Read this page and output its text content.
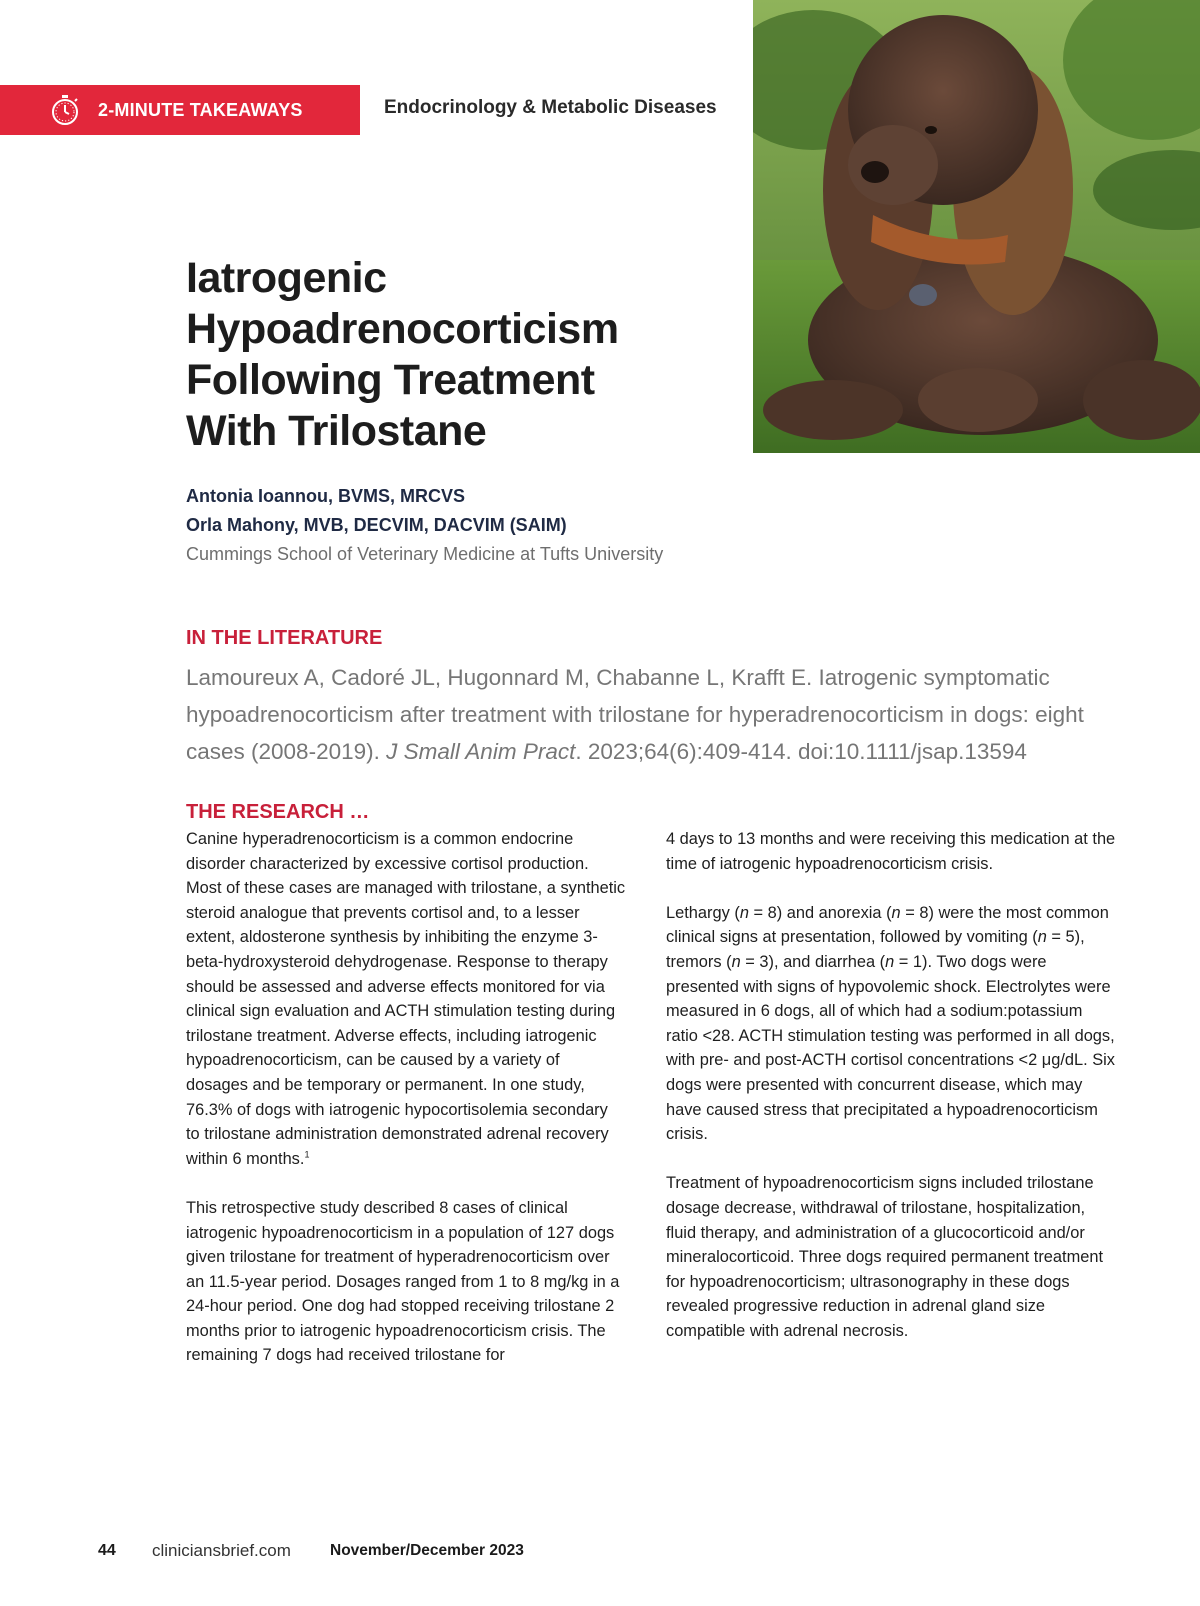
2-MINUTE TAKEAWAYS	Endocrinology & Metabolic Diseases
Iatrogenic
Hypoadrenocorticism
Following Treatment
With Trilostane
Antonia Ioannou, BVMS, MRCVS
Orla Mahony, MVB, DECVIM, DACVIM (SAIM)
Cummings School of Veterinary Medicine at Tufts University
IN THE LITERATURE
Lamoureux A, Cadoré JL, Hugonnard M, Chabanne L, Krafft E. Iatrogenic symptomatic hypoadrenocorticism after treatment with trilostane for hyperadrenocorticism in dogs: eight cases (2008-2019). J Small Anim Pract. 2023;64(6):409-414. doi:10.1111/jsap.13594
THE RESEARCH …

Canine hyperadrenocorticism is a common endocrine disorder characterized by excessive cortisol production. Most of these cases are managed with trilostane, a synthetic steroid analogue that prevents cortisol and, to a lesser extent, aldosterone synthesis by inhibiting the enzyme 3-beta-hydroxysteroid dehydrogenase. Response to therapy should be assessed and adverse effects monitored for via clinical sign evaluation and ACTH stimulation testing during trilostane treatment. Adverse effects, including iatrogenic hypoadrenocorticism, can be caused by a variety of dosages and be temporary or permanent. In one study, 76.3% of dogs with iatrogenic hypocortisolemia secondary to trilostane administration demonstrated adrenal recovery within 6 months.$^1$

This retrospective study described 8 cases of clinical iatrogenic hypoadrenocorticism in a population of 127 dogs given trilostane for treatment of hyperadrenocorticism over an 11.5-year period. Dosages ranged from 1 to 8 mg/kg in a 24-hour period. One dog had stopped receiving trilostane 2 months prior to iatrogenic hypoadrenocorticism crisis. The remaining 7 dogs had received trilostane for

4 days to 13 months and were receiving this medication at the time of iatrogenic hypoadrenocorticism crisis.

Lethargy (n = 8) and anorexia (n = 8) were the most common clinical signs at presentation, followed by vomiting (n = 5), tremors (n = 3), and diarrhea (n = 1). Two dogs were presented with signs of hypovolemic shock. Electrolytes were measured in 6 dogs, all of which had a sodium:potassium ratio <28. ACTH stimulation testing was performed in all dogs, with pre- and post-ACTH cortisol concentrations <2 μg/dL. Six dogs were presented with concurrent disease, which may have caused stress that precipitated a hypoadrenocorticism crisis.

Treatment of hypoadrenocorticism signs included trilostane dosage decrease, withdrawal of trilostane, hospitalization, fluid therapy, and administration of a glucocorticoid and/or mineralocorticoid. Three dogs required permanent treatment for hypoadrenocorticism; ultrasonography in these dogs revealed progressive reduction in adrenal gland size compatible with adrenal necrosis.

44	cliniciansbrief.com	November/December 2023
